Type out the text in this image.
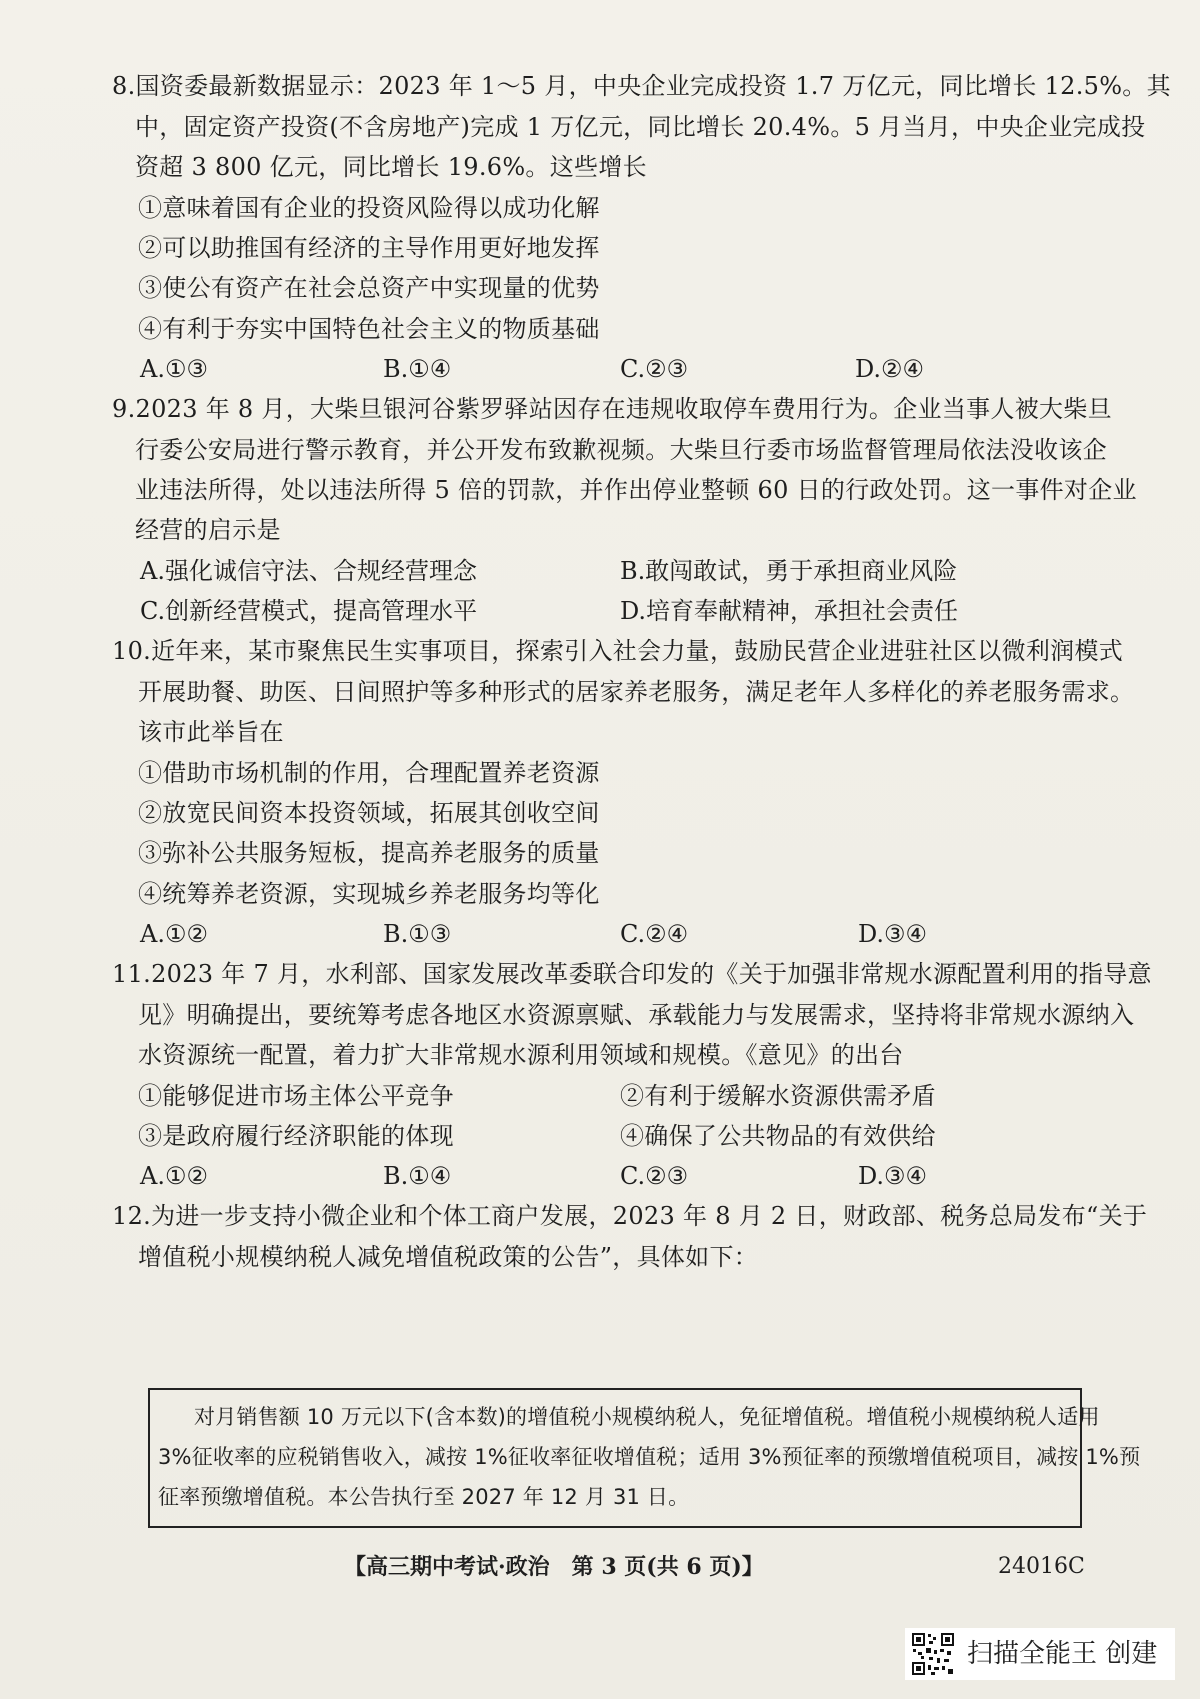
8.国资委最新数据显示：2023 年 1～5 月，中央企业完成投资 1.7 万亿元，同比增长 12.5%。其
中，固定资产投资(不含房地产)完成 1 万亿元，同比增长 20.4%。5 月当月，中央企业完成投
资超 3 800 亿元，同比增长 19.6%。这些增长
①意味着国有企业的投资风险得以成功化解
②可以助推国有经济的主导作用更好地发挥
③使公有资产在社会总资产中实现量的优势
④有利于夯实中国特色社会主义的物质基础
A.①③	B.①④	C.②③	D.②④
9.2023 年 8 月，大柴旦银河谷紫罗驿站因存在违规收取停车费用行为。企业当事人被大柴旦
行委公安局进行警示教育，并公开发布致歉视频。大柴旦行委市场监督管理局依法没收该企
业违法所得，处以违法所得 5 倍的罚款，并作出停业整顿 60 日的行政处罚。这一事件对企业
经营的启示是
A.强化诚信守法、合规经营理念	B.敢闯敢试，勇于承担商业风险
C.创新经营模式，提高管理水平	D.培育奉献精神，承担社会责任
10.近年来，某市聚焦民生实事项目，探索引入社会力量，鼓励民营企业进驻社区以微利润模式
开展助餐、助医、日间照护等多种形式的居家养老服务，满足老年人多样化的养老服务需求。
该市此举旨在
①借助市场机制的作用，合理配置养老资源
②放宽民间资本投资领域，拓展其创收空间
③弥补公共服务短板，提高养老服务的质量
④统筹养老资源，实现城乡养老服务均等化
A.①②	B.①③	C.②④	D.③④
11.2023 年 7 月，水利部、国家发展改革委联合印发的《关于加强非常规水源配置利用的指导意
见》明确提出，要统筹考虑各地区水资源禀赋、承载能力与发展需求，坚持将非常规水源纳入
水资源统一配置，着力扩大非常规水源利用领域和规模。《意见》的出台
①能够促进市场主体公平竞争	②有利于缓解水资源供需矛盾
③是政府履行经济职能的体现	④确保了公共物品的有效供给
A.①②	B.①④	C.②③	D.③④
12.为进一步支持小微企业和个体工商户发展，2023 年 8 月 2 日，财政部、税务总局发布“关于
增值税小规模纳税人减免增值税政策的公告”，具体如下：
对月销售额 10 万元以下(含本数)的增值税小规模纳税人，免征增值税。增值税小规模纳税人适用
3%征收率的应税销售收入，减按 1%征收率征收增值税；适用 3%预征率的预缴增值税项目，减按 1%预
征率预缴增值税。本公告执行至 2027 年 12 月 31 日。
【高三期中考试·政治　第 3 页(共 6 页)】	24016C
扫描全能王 创建
